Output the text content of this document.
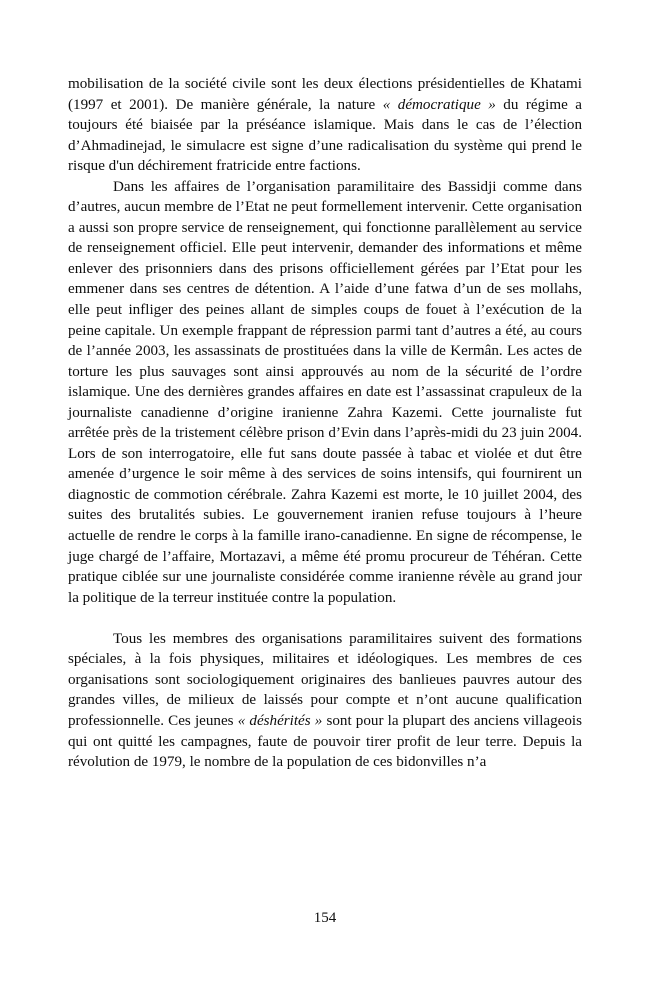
mobilisation de la société civile sont les deux élections présidentielles de Khatami (1997 et 2001). De manière générale, la nature « démocratique » du régime a toujours été biaisée par la préséance islamique. Mais dans le cas de l’élection d’Ahmadinejad, le simulacre est signe d’une radicalisation du système qui prend le risque d'un déchirement fratricide entre factions.

Dans les affaires de l’organisation paramilitaire des Bassidji comme dans d’autres, aucun membre de l’Etat ne peut formellement intervenir. Cette organisation a aussi son propre service de renseignement, qui fonctionne parallèlement au service de renseignement officiel. Elle peut intervenir, demander des informations et même enlever des prisonniers dans des prisons officiellement gérées par l’Etat pour les emmener dans ses centres de détention. A l’aide d’une fatwa d’un de ses mollahs, elle peut infliger des peines allant de simples coups de fouet à l’exécution de la peine capitale. Un exemple frappant de répression parmi tant d’autres a été, au cours de l’année 2003, les assassinats de prostituées dans la ville de Kermân. Les actes de torture les plus sauvages sont ainsi approuvés au nom de la sécurité de l’ordre islamique. Une des dernières grandes affaires en date est l’assassinat crapuleux de la journaliste canadienne d’origine iranienne Zahra Kazemi. Cette journaliste fut arrêtée près de la tristement célèbre prison d’Evin dans l’après-midi du 23 juin 2004. Lors de son interrogatoire, elle fut sans doute passée à tabac et violée et dut être amenée d’urgence le soir même à des services de soins intensifs, qui fournirent un diagnostic de commotion cérébrale. Zahra Kazemi est morte, le 10 juillet 2004, des suites des brutalités subies. Le gouvernement iranien refuse toujours à l’heure actuelle de rendre le corps à la famille irano-canadienne. En signe de récompense, le juge chargé de l’affaire, Mortazavi, a même été promu procureur de Téhéran. Cette pratique ciblée sur une journaliste considérée comme iranienne révèle au grand jour la politique de la terreur instituée contre la population.

Tous les membres des organisations paramilitaires suivent des formations spéciales, à la fois physiques, militaires et idéologiques. Les membres de ces organisations sont sociologiquement originaires des banlieues pauvres autour des grandes villes, de milieux de laissés pour compte et n’ont aucune qualification professionnelle. Ces jeunes « déshérités » sont pour la plupart des anciens villageois qui ont quitté les campagnes, faute de pouvoir tirer profit de leur terre. Depuis la révolution de 1979, le nombre de la population de ces bidonvilles n’a

154
